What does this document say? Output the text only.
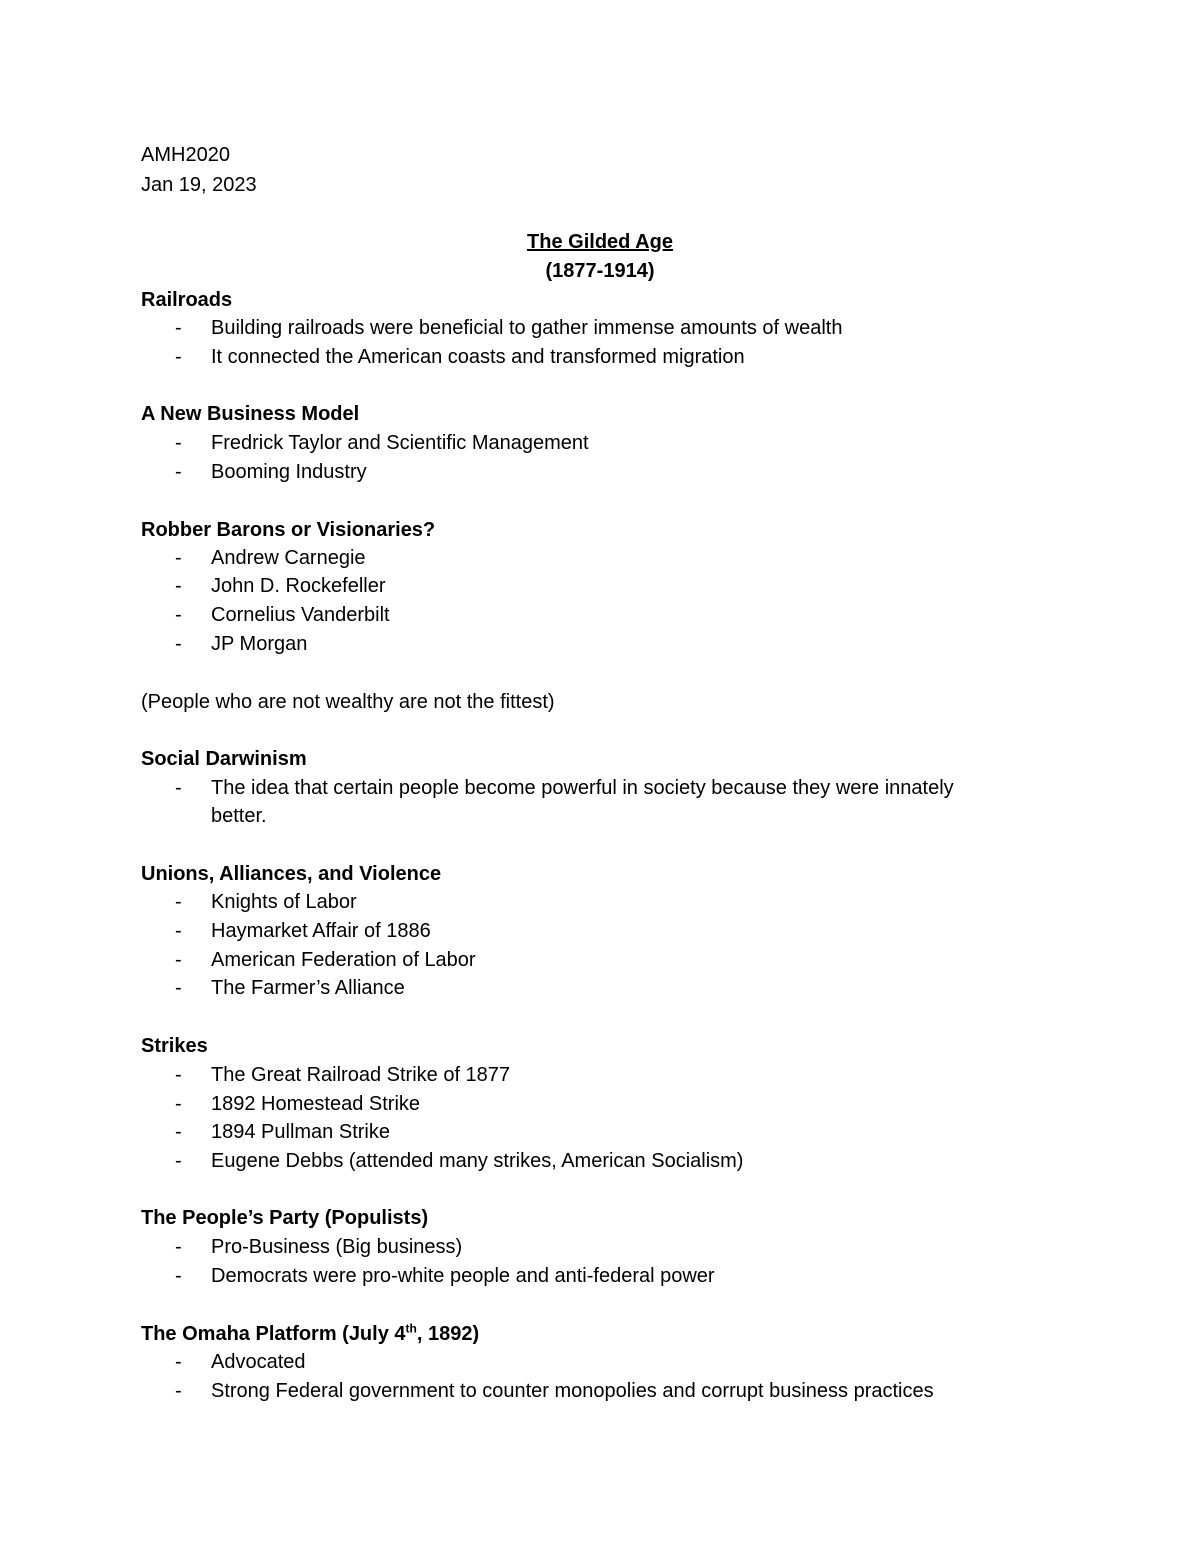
AMH2020
Jan 19, 2023
The Gilded Age
(1877-1914)
Railroads
- Building railroads were beneficial to gather immense amounts of wealth
- It connected the American coasts and transformed migration
A New Business Model
- Fredrick Taylor and Scientific Management
- Booming Industry
Robber Barons or Visionaries?
- Andrew Carnegie
- John D. Rockefeller
- Cornelius Vanderbilt
- JP Morgan
(People who are not wealthy are not the fittest)
Social Darwinism
- The idea that certain people become powerful in society because they were innately
better.
Unions, Alliances, and Violence
- Knights of Labor
- Haymarket Affair of 1886
- American Federation of Labor
- The Farmer’s Alliance
Strikes
- The Great Railroad Strike of 1877
- 1892 Homestead Strike
- 1894 Pullman Strike
- Eugene Debbs (attended many strikes, American Socialism)
The People’s Party (Populists)
- Pro-Business (Big business)
- Democrats were pro-white people and anti-federal power
The Omaha Platform (July 4th, 1892)
- Advocated
- Strong Federal government to counter monopolies and corrupt business practices
